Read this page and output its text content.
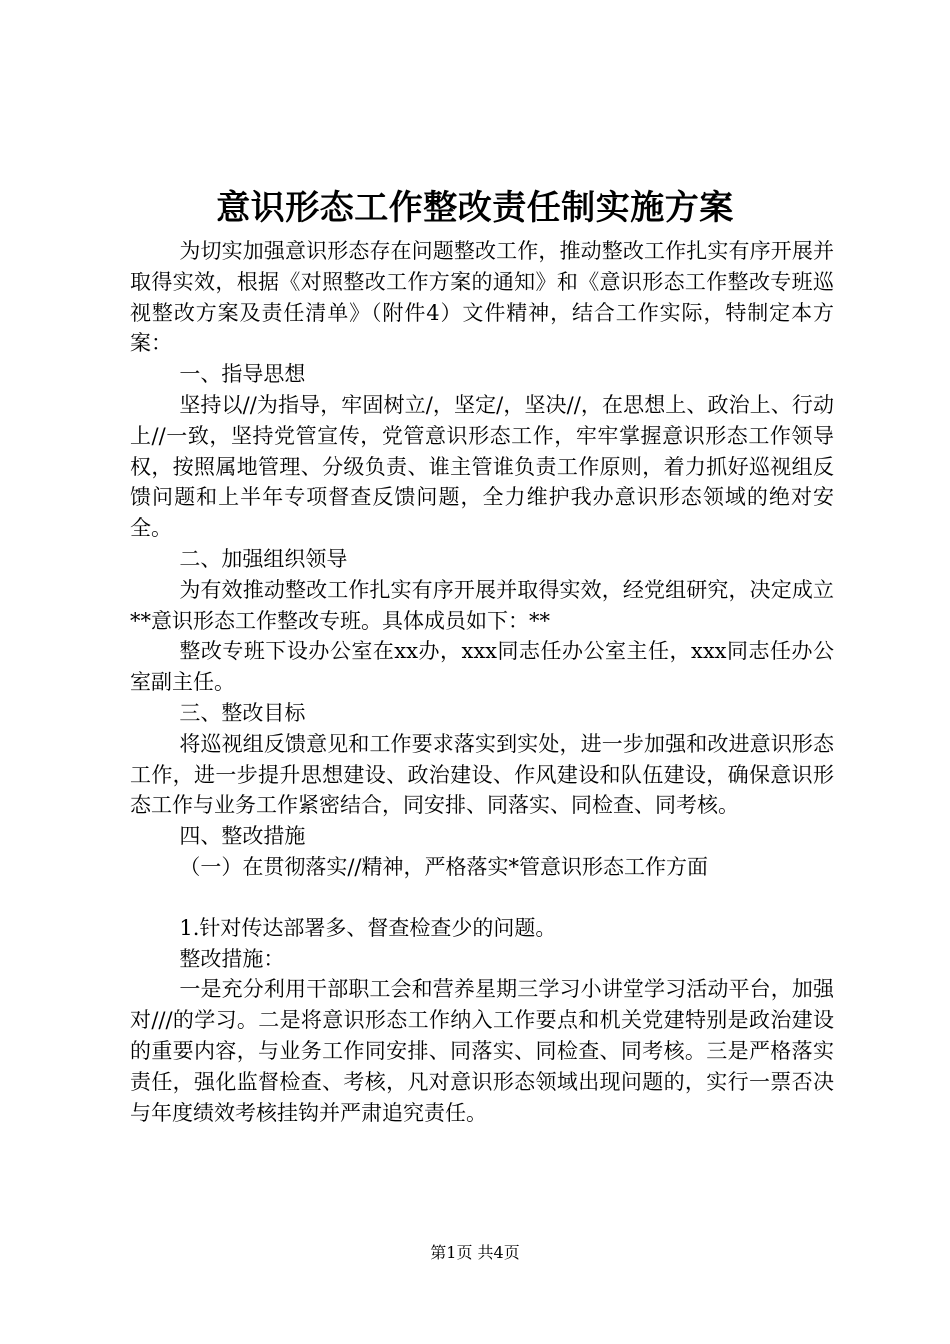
意识形态工作整改责任制实施方案

为切实加强意识形态存在问题整改工作，推动整改工作扎实有序开展并取得实效，根据《对照整改工作方案的通知》和《意识形态工作整改专班巡视整改方案及责任清单》（附件4）文件精神，结合工作实际，特制定本方案：

一、指导思想

坚持以//为指导，牢固树立/，坚定/，坚决//，在思想上、政治上、行动上//一致，坚持党管宣传，党管意识形态工作，牢牢掌握意识形态工作领导权，按照属地管理、分级负责、谁主管谁负责工作原则，着力抓好巡视组反馈问题和上半年专项督查反馈问题，全力维护我办意识形态领域的绝对安全。

二、加强组织领导

为有效推动整改工作扎实有序开展并取得实效，经党组研究，决定成立**意识形态工作整改专班。具体成员如下：**

整改专班下设办公室在xx办，xxx同志任办公室主任，xxx同志任办公室副主任。

三、整改目标

将巡视组反馈意见和工作要求落实到实处，进一步加强和改进意识形态工作，进一步提升思想建设、政治建设、作风建设和队伍建设，确保意识形态工作与业务工作紧密结合，同安排、同落实、同检查、同考核。

四、整改措施

（一）在贯彻落实//精神，严格落实*管意识形态工作方面

1.针对传达部署多、督查检查少的问题。

整改措施：

一是充分利用干部职工会和营养星期三学习小讲堂学习活动平台，加强对///的学习。二是将意识形态工作纳入工作要点和机关党建特别是政治建设的重要内容，与业务工作同安排、同落实、同检查、同考核。三是严格落实责任，强化监督检查、考核，凡对意识形态领域出现问题的，实行一票否决与年度绩效考核挂钩并严肃追究责任。

第1页 共4页
